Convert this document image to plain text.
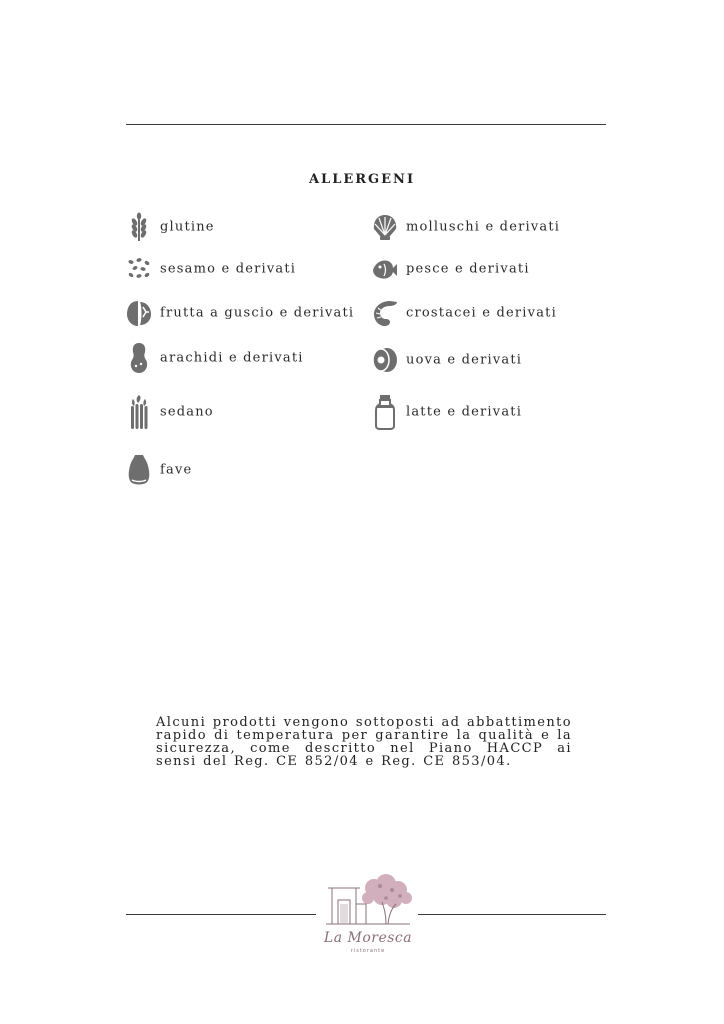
ALLERGENI
glutine
sesamo e derivati
frutta a guscio e derivati
arachidi e derivati
sedano
fave
molluschi e derivati
pesce e derivati
crostacei e derivati
uova e derivati
latte e derivati
Alcuni prodotti vengono sottoposti ad abbattimento rapido di temperatura per garantire la qualità e la sicurezza, come descritto nel Piano HACCP ai sensi del Reg. CE 852/04 e Reg. CE 853/04.
La Moresca
ristorante
